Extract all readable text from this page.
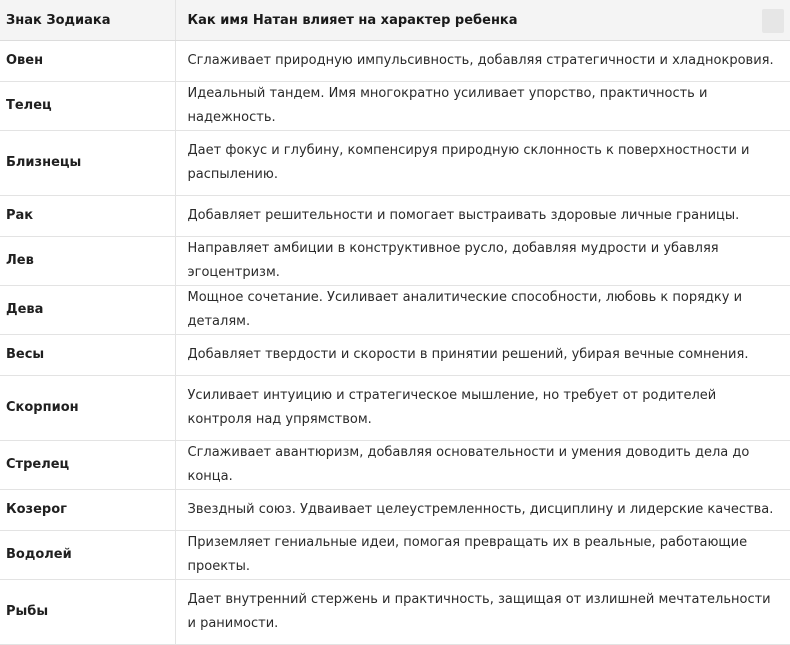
Знак Зодиака	Как имя Натан влияет на характер ребенка
Овен	Сглаживает природную импульсивность, добавляя стратегичности и хладнокровия.
Телец	Идеальный тандем. Имя многократно усиливает упорство, практичность и надежность.
Близнецы	Дает фокус и глубину, компенсируя природную склонность к поверхностности и распылению.
Рак	Добавляет решительности и помогает выстраивать здоровые личные границы.
Лев	Направляет амбиции в конструктивное русло, добавляя мудрости и убавляя эгоцентризм.
Дева	Мощное сочетание. Усиливает аналитические способности, любовь к порядку и деталям.
Весы	Добавляет твердости и скорости в принятии решений, убирая вечные сомнения.
Скорпион	Усиливает интуицию и стратегическое мышление, но требует от родителей контроля над упрямством.
Стрелец	Сглаживает авантюризм, добавляя основательности и умения доводить дела до конца.
Козерог	Звездный союз. Удваивает целеустремленность, дисциплину и лидерские качества.
Водолей	Приземляет гениальные идеи, помогая превращать их в реальные, работающие проекты.
Рыбы	Дает внутренний стержень и практичность, защищая от излишней мечтательности и ранимости.
